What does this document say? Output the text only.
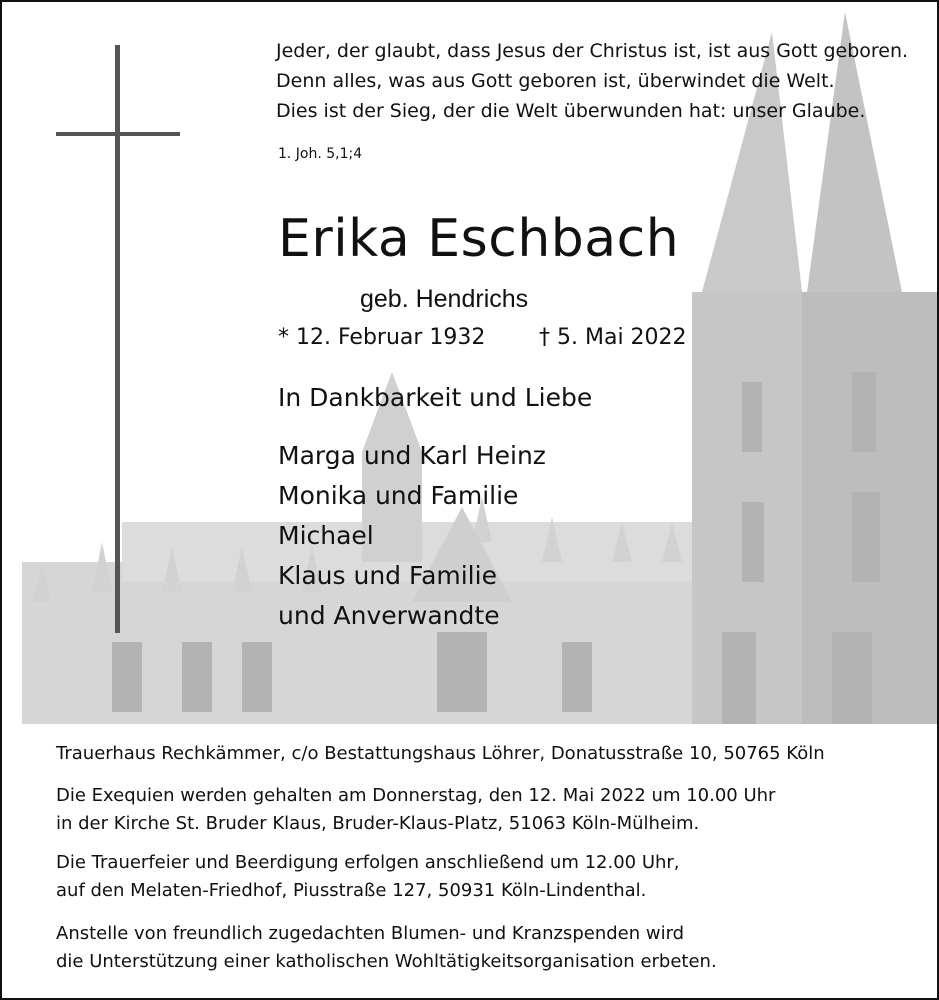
Jeder, der glaubt, dass Jesus der Christus ist, ist aus Gott geboren.
Denn alles, was aus Gott geboren ist, überwindet die Welt.
Dies ist der Sieg, der die Welt überwunden hat: unser Glaube.
1. Joh. 5,1;4
Erika Eschbach
geb. Hendrichs
* 12. Februar 1932 † 5. Mai 2022
In Dankbarkeit und Liebe
Marga und Karl Heinz
Monika und Familie
Michael
Klaus und Familie
und Anverwandte
Trauerhaus Rechkämmer, c/o Bestattungshaus Löhrer, Donatusstraße 10, 50765 Köln
Die Exequien werden gehalten am Donnerstag, den 12. Mai 2022 um 10.00 Uhr
in der Kirche St. Bruder Klaus, Bruder-Klaus-Platz, 51063 Köln-Mülheim.
Die Trauerfeier und Beerdigung erfolgen anschließend um 12.00 Uhr,
auf den Melaten-Friedhof, Piusstraße 127, 50931 Köln-Lindenthal.
Anstelle von freundlich zugedachten Blumen- und Kranzspenden wird
die Unterstützung einer katholischen Wohltätigkeitsorganisation erbeten.
